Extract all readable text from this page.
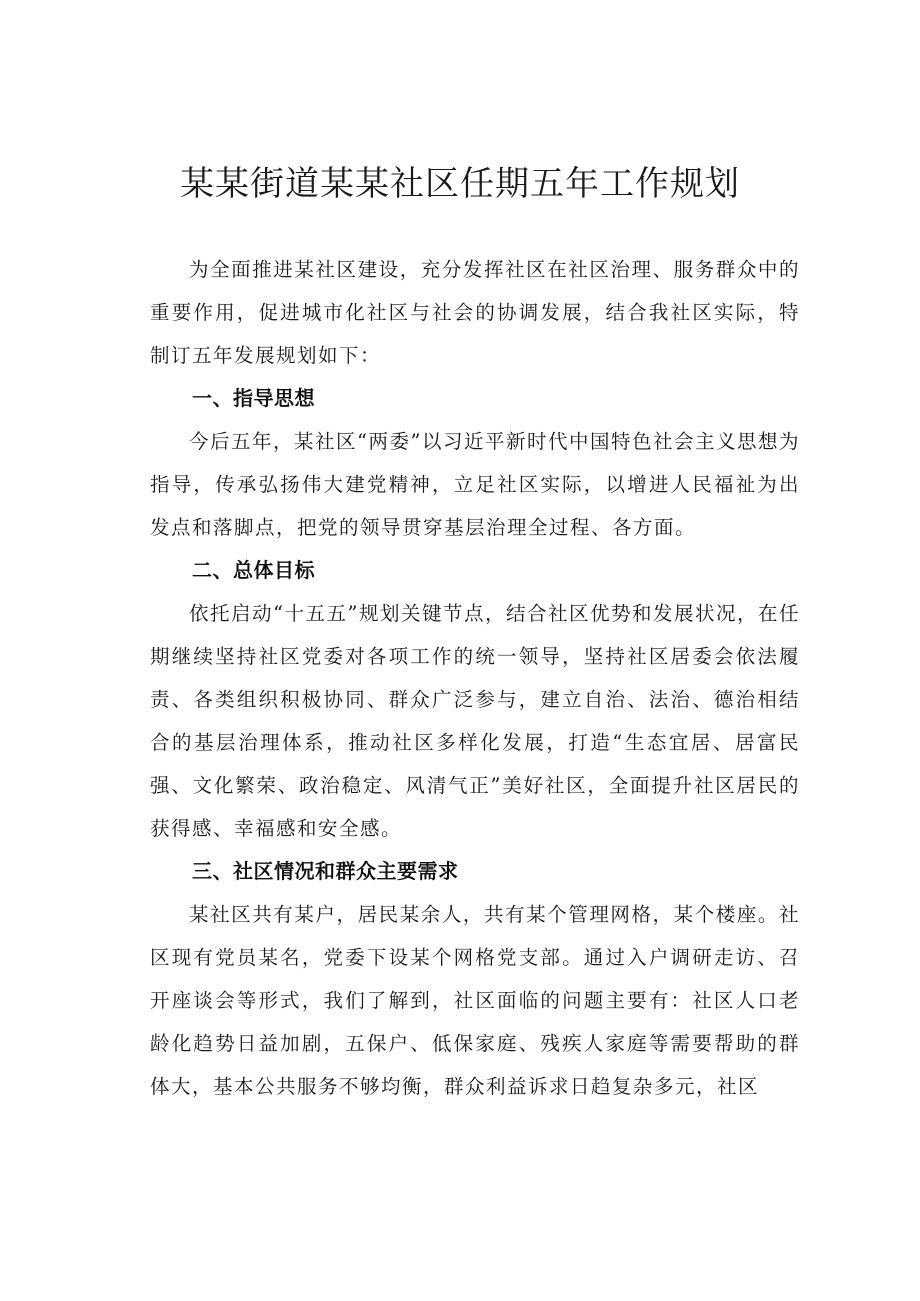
某某街道某某社区任期五年工作规划

为全面推进某社区建设，充分发挥社区在社区治理、服务群众中的重要作用，促进城市化社区与社会的协调发展，结合我社区实际，特制订五年发展规划如下：

一、指导思想

今后五年，某社区“两委”以习近平新时代中国特色社会主义思想为指导，传承弘扬伟大建党精神，立足社区实际，以增进人民福祉为出发点和落脚点，把党的领导贯穿基层治理全过程、各方面。

二、总体目标

依托启动“十五五”规划关键节点，结合社区优势和发展状况，在任期继续坚持社区党委对各项工作的统一领导，坚持社区居委会依法履责、各类组织积极协同、群众广泛参与，建立自治、法治、德治相结合的基层治理体系，推动社区多样化发展，打造“生态宜居、居富民强、文化繁荣、政治稳定、风清气正”美好社区，全面提升社区居民的获得感、幸福感和安全感。

三、社区情况和群众主要需求

某社区共有某户，居民某余人，共有某个管理网格，某个楼座。社区现有党员某名，党委下设某个网格党支部。通过入户调研走访、召开座谈会等形式，我们了解到，社区面临的问题主要有：社区人口老龄化趋势日益加剧，五保户、低保家庭、残疾人家庭等需要帮助的群体大，基本公共服务不够均衡，群众利益诉求日趋复杂多元，社区
